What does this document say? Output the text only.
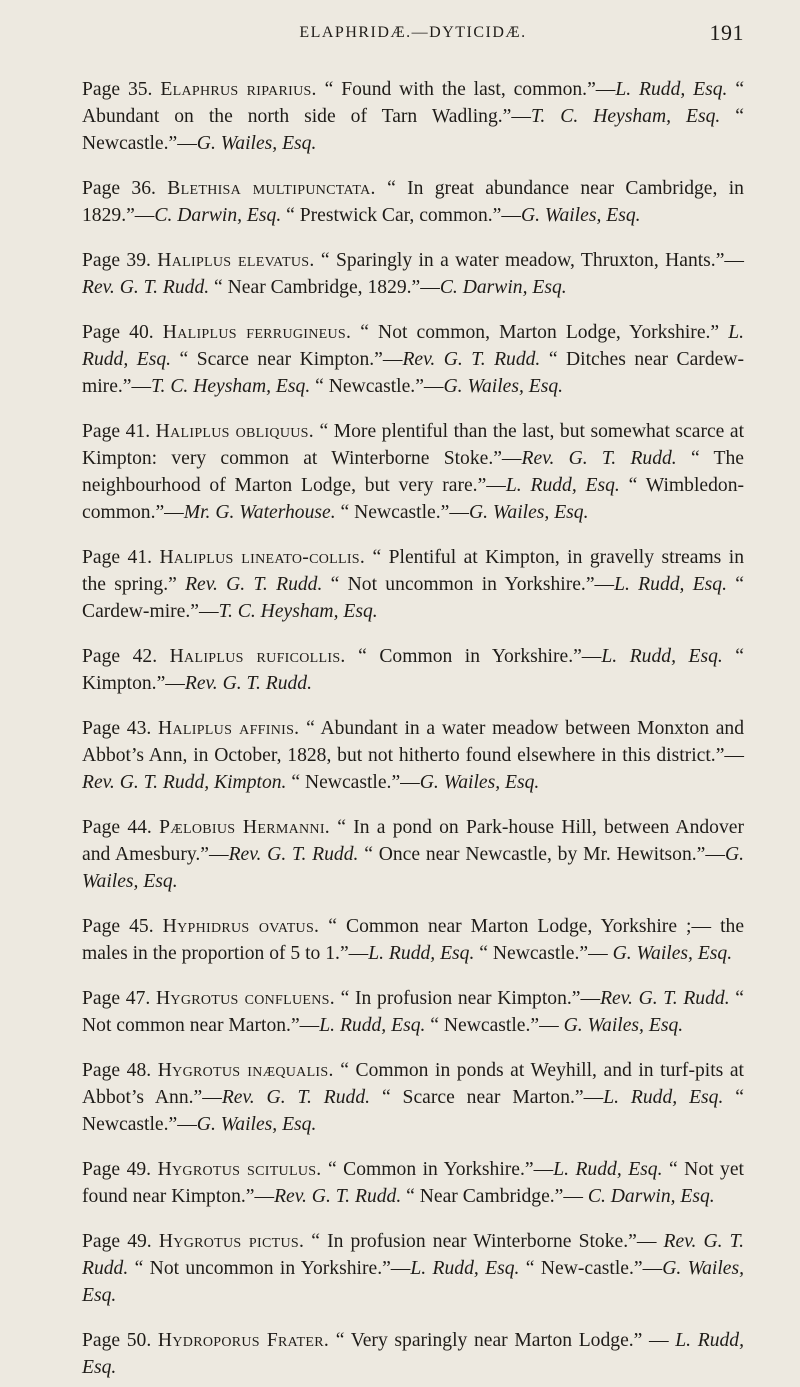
ELAPHRIDÆ.—DYTICIDÆ.	191

Page 35. Elaphrus riparius. “ Found with the last, common.”—L. Rudd, Esq. “ Abundant on the north side of Tarn Wadling.”—T. C. Heysham, Esq. “ Newcastle.”—G. Wailes, Esq.

Page 36. Blethisa multipunctata. “ In great abundance near Cambridge, in 1829.”—C. Darwin, Esq. “ Prestwick Car, common.”—G. Wailes, Esq.

Page 39. Haliplus elevatus. “ Sparingly in a water meadow, Thruxton, Hants.”—Rev. G. T. Rudd. “ Near Cambridge, 1829.”—C. Darwin, Esq.

Page 40. Haliplus ferrugineus. “ Not common, Marton Lodge, Yorkshire.” L. Rudd, Esq. “ Scarce near Kimpton.”—Rev. G. T. Rudd. “ Ditches near Cardew-mire.”—T. C. Heysham, Esq. “ Newcastle.”—G. Wailes, Esq.

Page 41. Haliplus obliquus. “ More plentiful than the last, but somewhat scarce at Kimpton: very common at Winterborne Stoke.”—Rev. G. T. Rudd. “ The neighbourhood of Marton Lodge, but very rare.”—L. Rudd, Esq. “ Wimbledon-common.”—Mr. G. Waterhouse. “ Newcastle.”—G. Wailes, Esq.

Page 41. Haliplus lineato-collis. “ Plentiful at Kimpton, in gravelly streams in the spring.” Rev. G. T. Rudd. “ Not uncommon in Yorkshire.”—L. Rudd, Esq. “ Cardew-mire.”—T. C. Heysham, Esq.

Page 42. Haliplus ruficollis. “ Common in Yorkshire.”—L. Rudd, Esq. “ Kimpton.”—Rev. G. T. Rudd.

Page 43. Haliplus affinis. “ Abundant in a water meadow between Monxton and Abbot’s Ann, in October, 1828, but not hitherto found elsewhere in this district.”— Rev. G. T. Rudd, Kimpton. “ Newcastle.”—G. Wailes, Esq.

Page 44. Pælobius Hermanni. “ In a pond on Park-house Hill, between Andover and Amesbury.”—Rev. G. T. Rudd. “ Once near Newcastle, by Mr. Hewitson.”—G. Wailes, Esq.

Page 45. Hyphidrus ovatus. “ Common near Marton Lodge, Yorkshire ;— the males in the proportion of 5 to 1.”—L. Rudd, Esq. “ Newcastle.”— G. Wailes, Esq.

Page 47. Hygrotus confluens. “ In profusion near Kimpton.”—Rev. G. T. Rudd. “ Not common near Marton.”—L. Rudd, Esq. “ Newcastle.”— G. Wailes, Esq.

Page 48. Hygrotus inæqualis. “ Common in ponds at Weyhill, and in turf-pits at Abbot’s Ann.”—Rev. G. T. Rudd. “ Scarce near Marton.”—L. Rudd, Esq. “ Newcastle.”—G. Wailes, Esq.

Page 49. Hygrotus scitulus. “ Common in Yorkshire.”—L. Rudd, Esq. “ Not yet found near Kimpton.”—Rev. G. T. Rudd. “ Near Cambridge.”— C. Darwin, Esq.

Page 49. Hygrotus pictus. “ In profusion near Winterborne Stoke.”— Rev. G. T. Rudd. “ Not uncommon in Yorkshire.”—L. Rudd, Esq. “ New-castle.”—G. Wailes, Esq.

Page 50. Hydroporus Frater. “ Very sparingly near Marton Lodge.” — L. Rudd, Esq.
